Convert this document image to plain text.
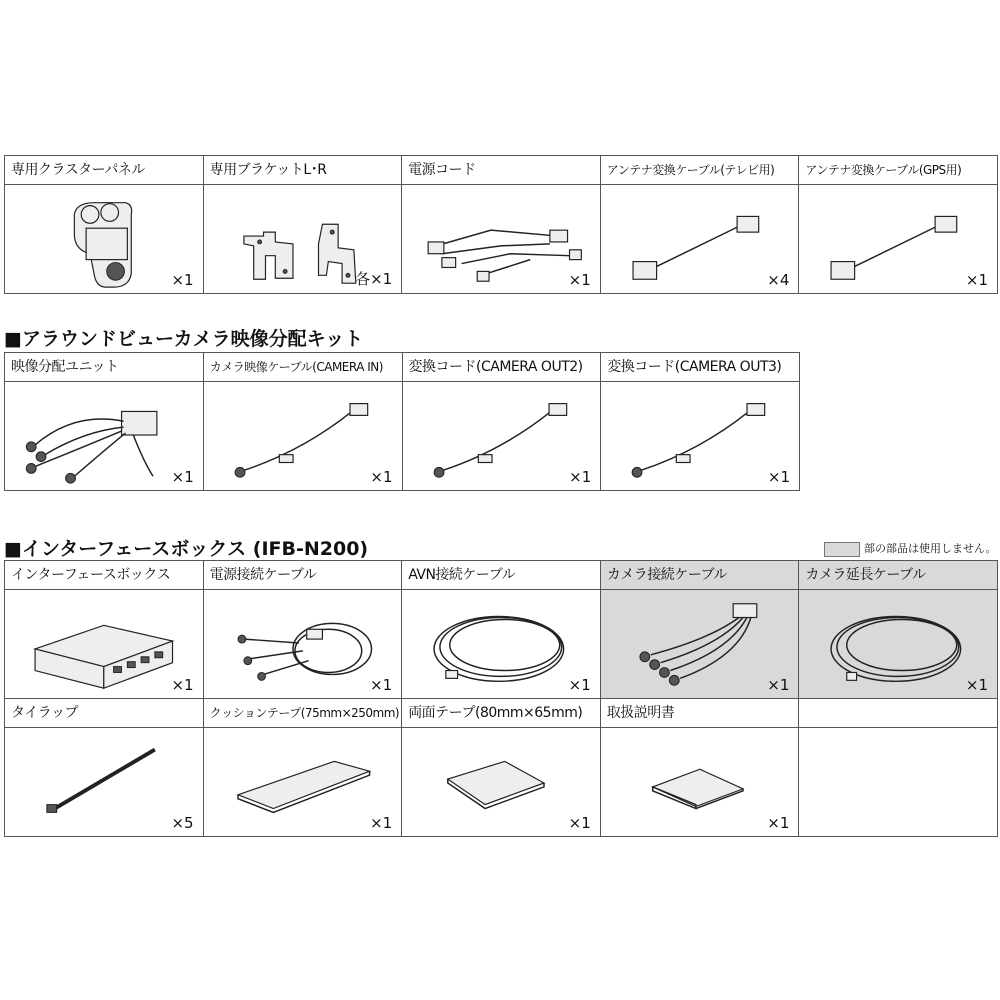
専用クラスターパネル	専用ブラケットL･R	電源コード	アンテナ変換ケーブル(テレビ用)	アンテナ変換ケーブル(GPS用)

×1	各×1	×1	×4	×1
■アラウンドビューカメラ映像分配キット
映像分配ユニット	カメラ映像ケーブル(CAMERA IN)	変換コード(CAMERA OUT2)	変換コード(CAMERA OUT3)

×1	×1	×1	×1
■インターフェースボックス (IFB-N200)	部の部品は使用しません。
インターフェースボックス	電源接続ケーブル	AVN接続ケーブル	カメラ接続ケーブル	カメラ延長ケーブル

×1	×1	×1	×1	×1

タイラップ	クッションテープ(75mm×250mm)	両面テープ(80mm×65mm)	取扱説明書	

×5	×1	×1	×1	
